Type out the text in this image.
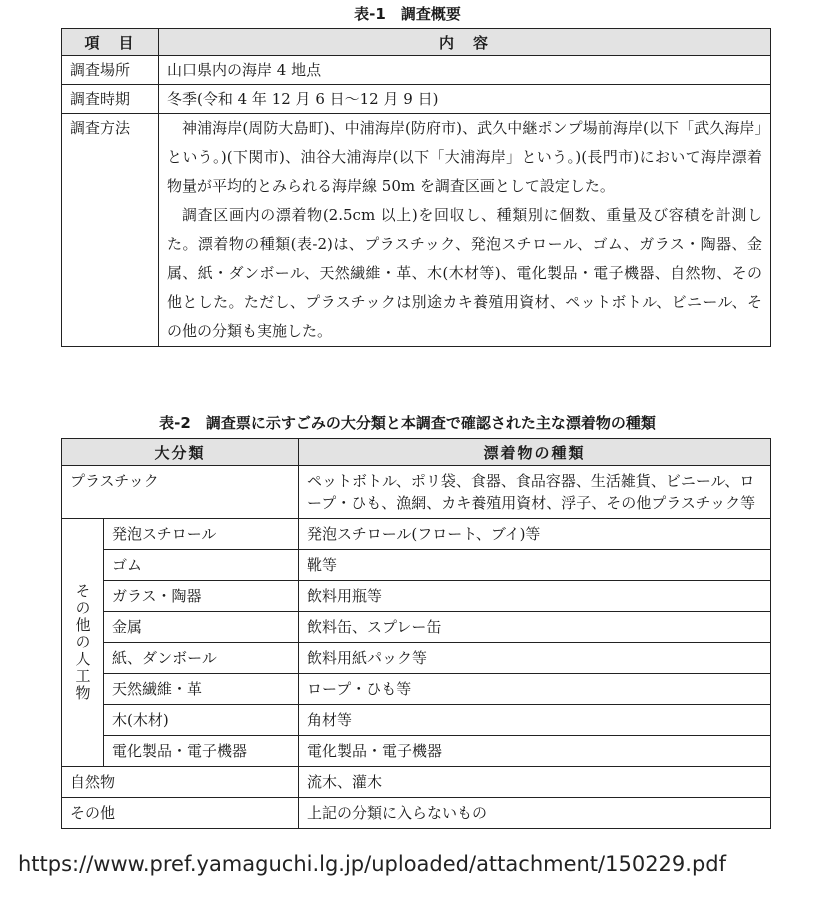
表-1　調査概要
項　目	内　容
調査場所	山口県内の海岸 4 地点
調査時期	冬季(令和 4 年 12 月 6 日～12 月 9 日)
調査方法	神浦海岸(周防大島町)、中浦海岸(防府市)、武久中継ポンプ場前海岸(以下「武久海岸」という。)(下関市)、油谷大浦海岸(以下「大浦海岸」という。)(長門市)において海岸漂着物量が平均的とみられる海岸線 50m を調査区画として設定した。

調査区画内の漂着物(2.5cm 以上)を回収し、種類別に個数、重量及び容積を計測した。漂着物の種類(表-2)は、プラスチック、発泡スチロール、ゴム、ガラス・陶器、金属、紙・ダンボール、天然繊維・革、木(木材等)、電化製品・電子機器、自然物、その他とした。ただし、プラスチックは別途カキ養殖用資材、ペットボトル、ビニール、その他の分類も実施した。

表-2　調査票に示すごみの大分類と本調査で確認された主な漂着物の種類
大分類		漂着物の種類
プラスチック		ペットボトル、ポリ袋、食器、食品容器、生活雑貨、ビニール、ロープ・ひも、漁網、カキ養殖用資材、浮子、その他プラスチック等
その他の人工物	発泡スチロール	発泡スチロール(フロート、ブイ)等
	ゴム	靴等
	ガラス・陶器	飲料用瓶等
	金属	飲料缶、スプレー缶
	紙、ダンボール	飲料用紙パック等
	天然繊維・革	ロープ・ひも等
	木(木材)	角材等
	電化製品・電子機器	電化製品・電子機器
自然物		流木、灌木
その他		上記の分類に入らないもの
https://www.pref.yamaguchi.lg.jp/uploaded/attachment/150229.pdf
